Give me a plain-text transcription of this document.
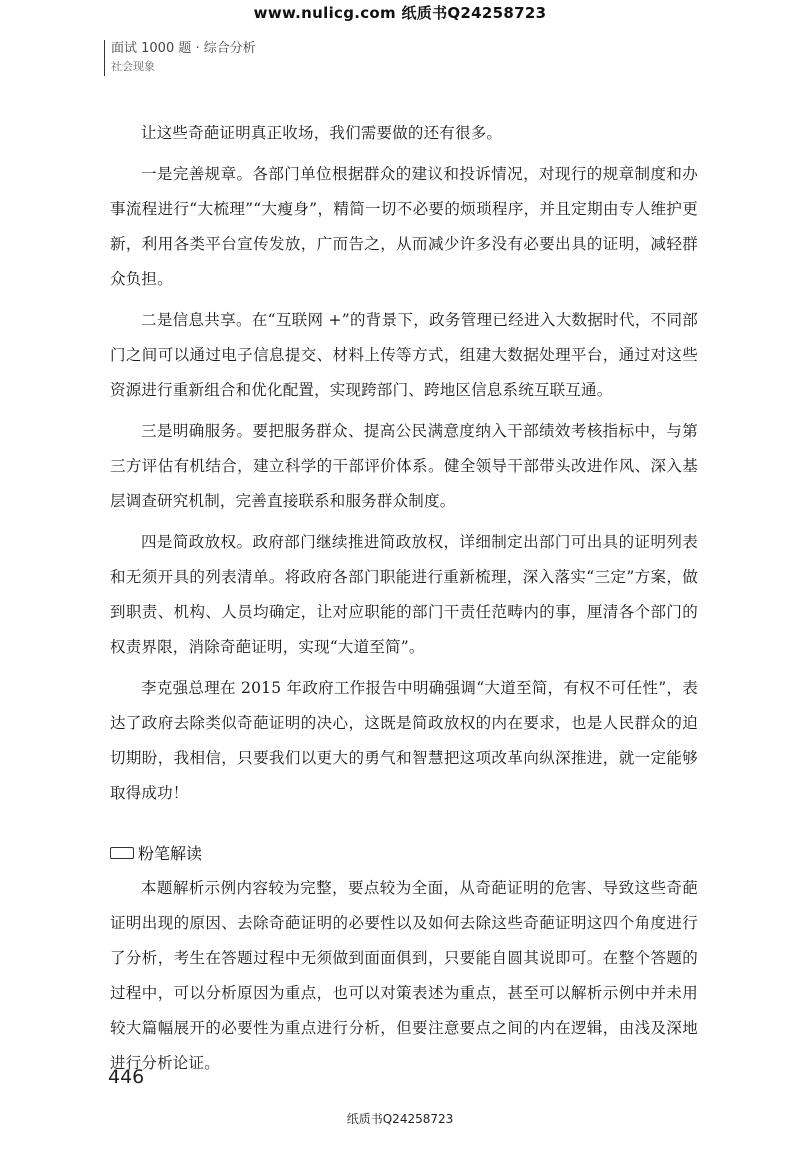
www.nulicg.com 纸质书Q24258723
面试 1000 题 · 综合分析
社会现象

让这些奇葩证明真正收场，我们需要做的还有很多。

一是完善规章。各部门单位根据群众的建议和投诉情况，对现行的规章制度和办事流程进行“大梳理”“大瘦身”，精简一切不必要的烦琐程序，并且定期由专人维护更新，利用各类平台宣传发放，广而告之，从而减少许多没有必要出具的证明，减轻群众负担。

二是信息共享。在“互联网 +”的背景下，政务管理已经进入大数据时代，不同部门之间可以通过电子信息提交、材料上传等方式，组建大数据处理平台，通过对这些资源进行重新组合和优化配置，实现跨部门、跨地区信息系统互联互通。

三是明确服务。要把服务群众、提高公民满意度纳入干部绩效考核指标中，与第三方评估有机结合，建立科学的干部评价体系。健全领导干部带头改进作风、深入基层调查研究机制，完善直接联系和服务群众制度。

四是简政放权。政府部门继续推进简政放权，详细制定出部门可出具的证明列表和无须开具的列表清单。将政府各部门职能进行重新梳理，深入落实“三定”方案，做到职责、机构、人员均确定，让对应职能的部门干责任范畴内的事，厘清各个部门的权责界限，消除奇葩证明，实现“大道至简”。

李克强总理在 2015 年政府工作报告中明确强调“大道至简，有权不可任性”，表达了政府去除类似奇葩证明的决心，这既是简政放权的内在要求，也是人民群众的迫切期盼，我相信，只要我们以更大的勇气和智慧把这项改革向纵深推进，就一定能够取得成功！

粉笔解读

本题解析示例内容较为完整，要点较为全面，从奇葩证明的危害、导致这些奇葩证明出现的原因、去除奇葩证明的必要性以及如何去除这些奇葩证明这四个角度进行了分析，考生在答题过程中无须做到面面俱到，只要能自圆其说即可。在整个答题的过程中，可以分析原因为重点，也可以对策表述为重点，甚至可以解析示例中并未用较大篇幅展开的必要性为重点进行分析，但要注意要点之间的内在逻辑，由浅及深地进行分析论证。

446
纸质书Q24258723
